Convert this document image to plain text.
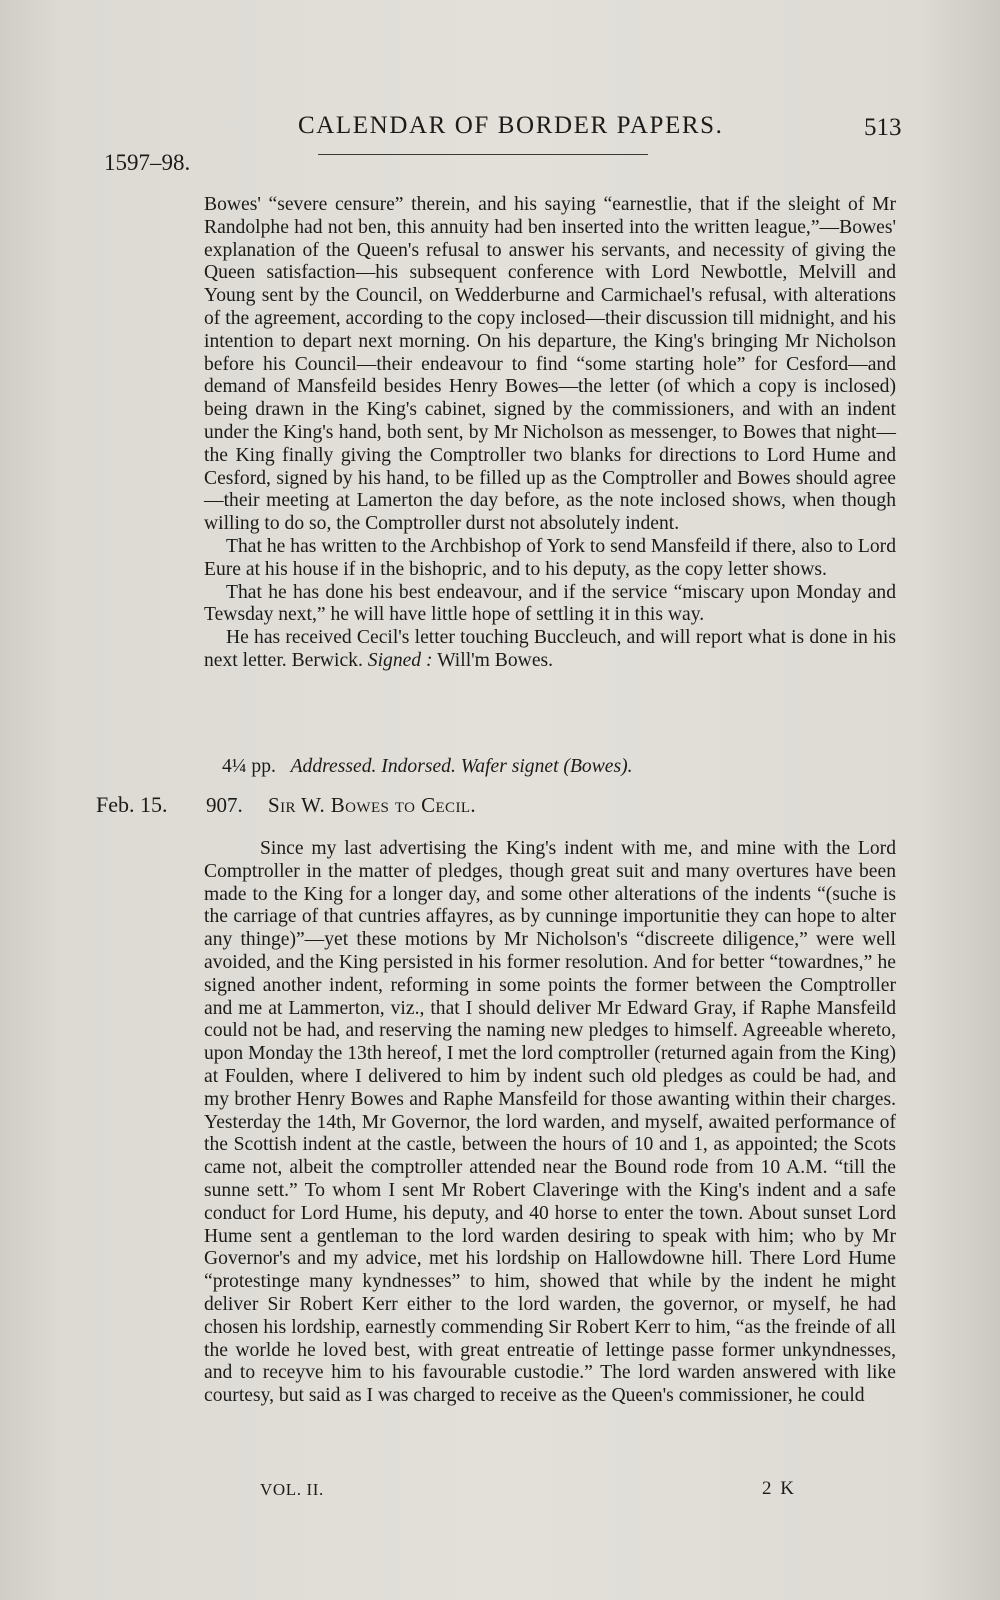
CALENDAR OF BORDER PAPERS.	513
1597–98.

Bowes' “severe censure” therein, and his saying “earnestlie, that if the sleight of Mr Randolphe had not ben, this annuity had ben inserted into the written league,”—Bowes' explanation of the Queen's refusal to answer his servants, and necessity of giving the Queen satisfaction—his subsequent conference with Lord Newbottle, Melvill and Young sent by the Council, on Wedderburne and Carmichael's refusal, with alterations of the agreement, according to the copy inclosed—their discussion till midnight, and his intention to depart next morning. On his departure, the King's bringing Mr Nicholson before his Council—their endeavour to find “some starting hole” for Cesford—and demand of Mansfeild besides Henry Bowes—the letter (of which a copy is inclosed) being drawn in the King's cabinet, signed by the commissioners, and with an indent under the King's hand, both sent, by Mr Nicholson as messenger, to Bowes that night—the King finally giving the Comptroller two blanks for directions to Lord Hume and Cesford, signed by his hand, to be filled up as the Comptroller and Bowes should agree—their meeting at Lamerton the day before, as the note inclosed shows, when though willing to do so, the Comptroller durst not absolutely indent.

That he has written to the Archbishop of York to send Mansfeild if there, also to Lord Eure at his house if in the bishopric, and to his deputy, as the copy letter shows.

That he has done his best endeavour, and if the service “miscary upon Monday and Tewsday next,” he will have little hope of settling it in this way.

He has received Cecil's letter touching Buccleuch, and will report what is done in his next letter. Berwick. Signed : Will'm Bowes.

4¼ pp. Addressed. Indorsed. Wafer signet (Bowes).
Feb. 15. 907. Sir W. Bowes to Cecil.

Since my last advertising the King's indent with me, and mine with the Lord Comptroller in the matter of pledges, though great suit and many overtures have been made to the King for a longer day, and some other alterations of the indents “(suche is the carriage of that cuntries affayres, as by cunninge importunitie they can hope to alter any thinge)”—yet these motions by Mr Nicholson's “discreete diligence,” were well avoided, and the King persisted in his former resolution. And for better “towardnes,” he signed another indent, reforming in some points the former between the Comptroller and me at Lammerton, viz., that I should deliver Mr Edward Gray, if Raphe Mansfeild could not be had, and reserving the naming new pledges to himself. Agreeable whereto, upon Monday the 13th hereof, I met the lord comptroller (returned again from the King) at Foulden, where I delivered to him by indent such old pledges as could be had, and my brother Henry Bowes and Raphe Mansfeild for those awanting within their charges. Yesterday the 14th, Mr Governor, the lord warden, and myself, awaited performance of the Scottish indent at the castle, between the hours of 10 and 1, as appointed; the Scots came not, albeit the comptroller attended near the Bound rode from 10 A.M. “till the sunne sett.” To whom I sent Mr Robert Claveringe with the King's indent and a safe conduct for Lord Hume, his deputy, and 40 horse to enter the town. About sunset Lord Hume sent a gentleman to the lord warden desiring to speak with him; who by Mr Governor's and my advice, met his lordship on Hallowdowne hill. There Lord Hume “protestinge many kyndnesses” to him, showed that while by the indent he might deliver Sir Robert Kerr either to the lord warden, the governor, or myself, he had chosen his lordship, earnestly commending Sir Robert Kerr to him, “as the freinde of all the worlde he loved best, with great entreatie of lettinge passe former unkyndnesses, and to receyve him to his favourable custodie.” The lord warden answered with like courtesy, but said as I was charged to receive as the Queen's commissioner, he could

VOL. II.	2 K
